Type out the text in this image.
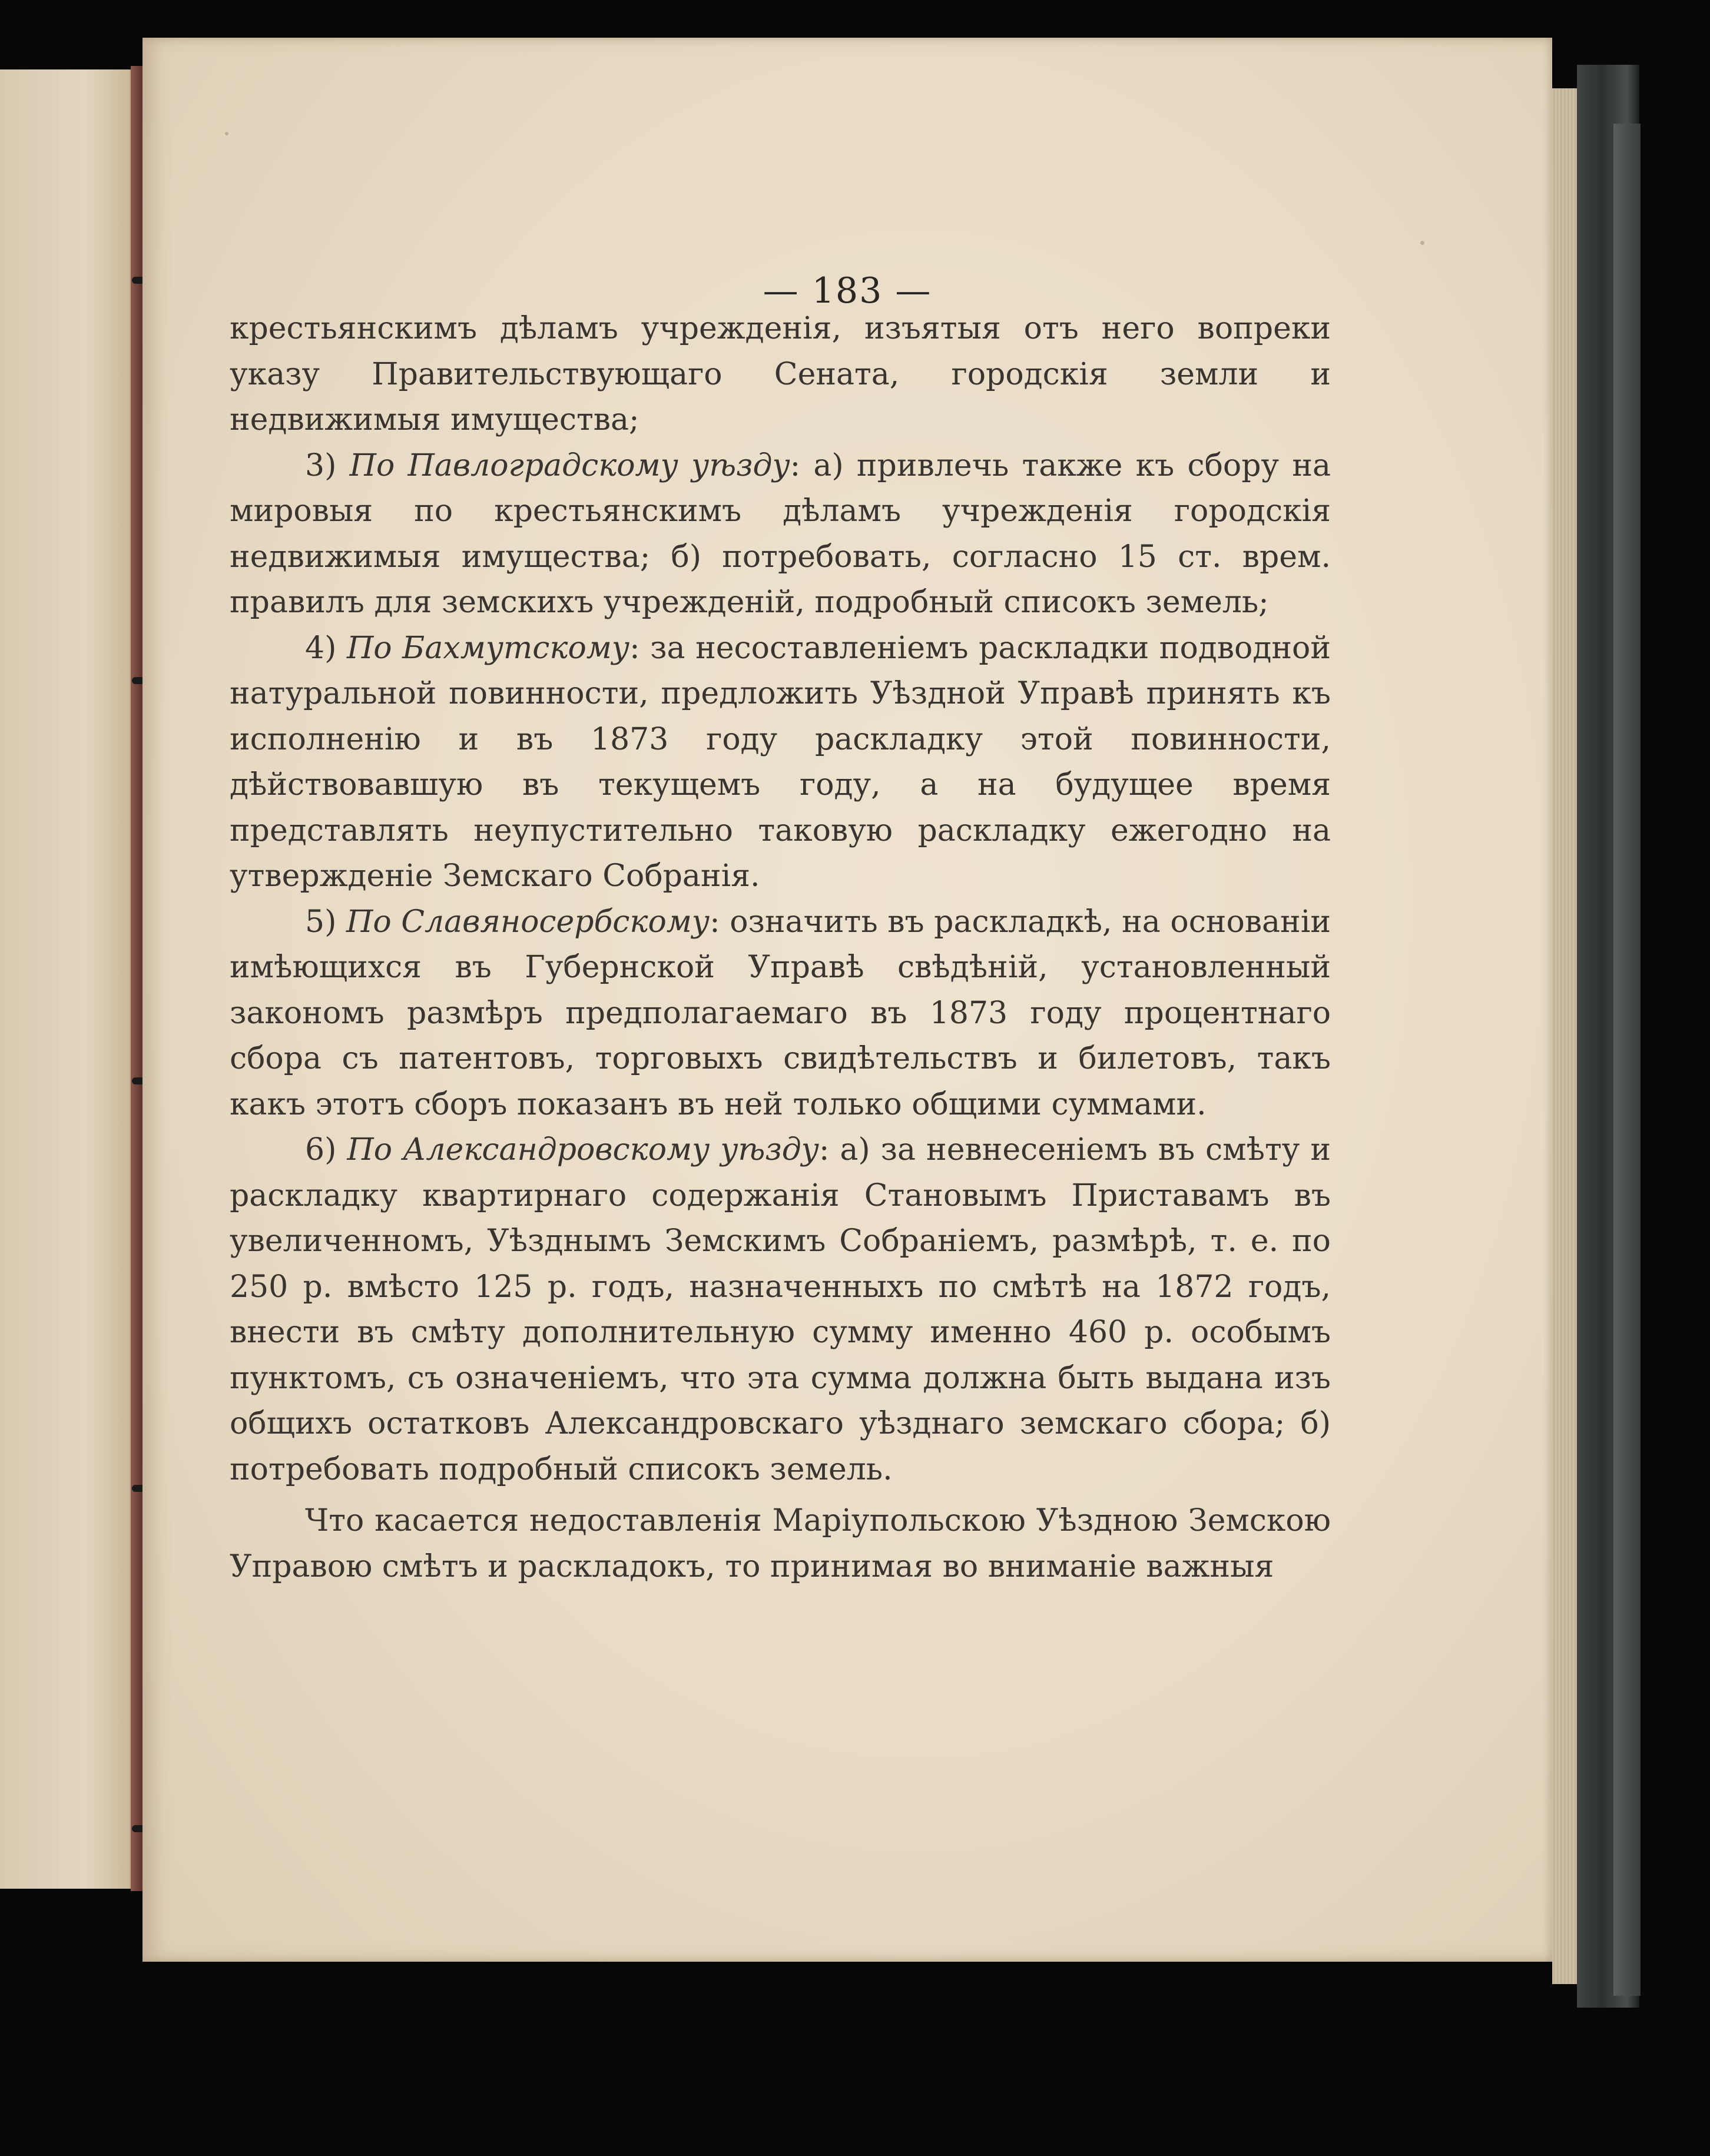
— 183 —

крестьянскимъ дѣламъ учрежденія, изъятыя отъ него вопреки указу Правительствующаго Сената, городскія земли и недвижимыя имущества;

3) По Павлоградскому уѣзду: а) привлечь также къ сбору на мировыя по крестьянскимъ дѣламъ учрежденія городскія недвижимыя имущества; б) потребовать, согласно 15 ст. врем. правилъ для земскихъ учрежденій, подробный списокъ земель;

4) По Бахмутскому: за несоставленіемъ раскладки подводной натуральной повинности, предложить Уѣздной Управѣ принять къ исполненію и въ 1873 году раскладку этой повинности, дѣйствовавшую въ текущемъ году, а на будущее время представлять неупустительно таковую раскладку ежегодно на утвержденіе Земскаго Собранія.

5) По Славяносербскому: означить въ раскладкѣ, на основаніи имѣющихся въ Губернской Управѣ свѣдѣній, установленный закономъ размѣръ предполагаемаго въ 1873 году процентнаго сбора съ патентовъ, торговыхъ свидѣтельствъ и билетовъ, такъ какъ этотъ сборъ показанъ въ ней только общими суммами.

6) По Александровскому уѣзду: а) за невнесеніемъ въ смѣту и раскладку квартирнаго содержанія Становымъ Приставамъ въ увеличенномъ, Уѣзднымъ Земскимъ Собраніемъ, размѣрѣ, т. е. по 250 р. вмѣсто 125 р. годъ, назначенныхъ по смѣтѣ на 1872 годъ, внести въ смѣту дополнительную сумму именно 460 р. особымъ пунктомъ, съ означеніемъ, что эта сумма должна быть выдана изъ общихъ остатковъ Александровскаго уѣзднаго земскаго сбора; б) потребовать подробный списокъ земель.

Что касается недоставленія Маріупольскою Уѣздною Земскою Управою смѣтъ и раскладокъ, то принимая во вниманіе важныя
